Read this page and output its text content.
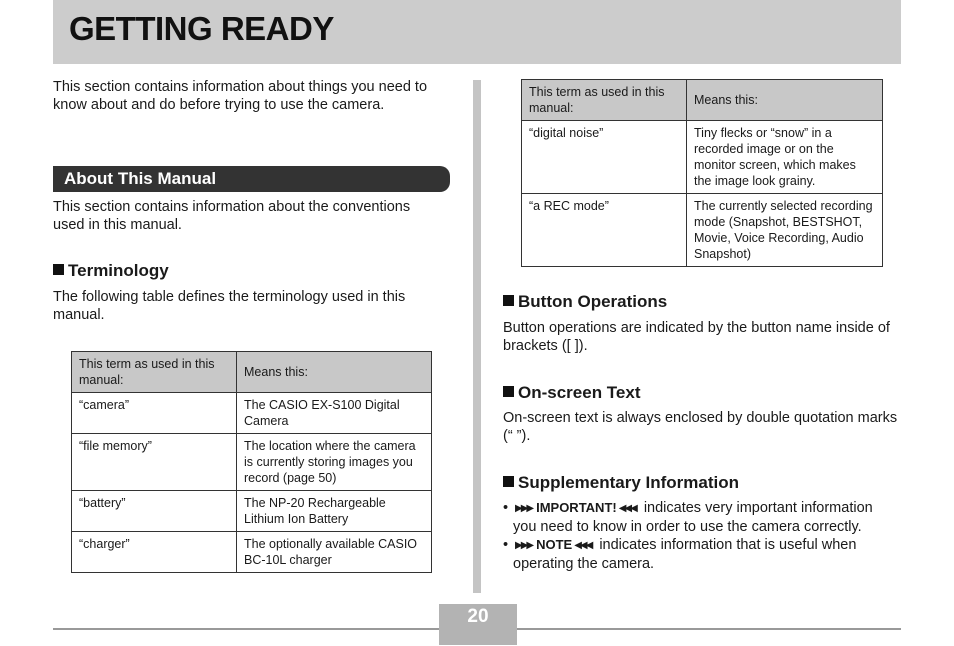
GETTING READY

This section contains information about things you need to know about and do before trying to use the camera.

About This Manual

This section contains information about the conventions used in this manual.

Terminology

The following table defines the terminology used in this manual.

This term as used in this manual:	Means this:
“camera”	The CASIO EX-S100 Digital Camera
“file memory”	The location where the camera is currently storing images you record (page 50)
“battery”	The NP-20 Rechargeable Lithium Ion Battery
“charger”	The optionally available CASIO BC-10L charger
This term as used in this manual:	Means this:
“digital noise”	Tiny flecks or “snow” in a recorded image or on the monitor screen, which makes the image look grainy.
“a REC mode”	The currently selected recording mode (Snapshot, BESTSHOT, Movie, Voice Recording, Audio Snapshot)
Button Operations

Button operations are indicated by the button name inside of brackets ([ ]).

On-screen Text

On-screen text is always enclosed by double quotation marks (“ ”).

Supplementary Information
• ▶▶▶ IMPORTANT! ◀◀◀ indicates very important information you need to know in order to use the camera correctly.
• ▶▶▶ NOTE ◀◀◀ indicates information that is useful when operating the camera.
20
